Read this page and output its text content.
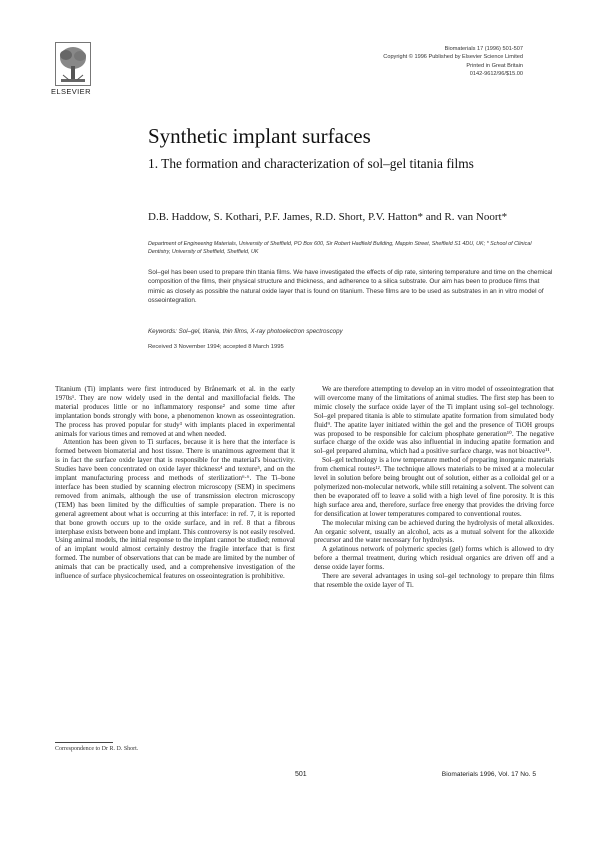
ELSEVIER
Biomaterials 17 (1996) 501-507
Copyright © 1996 Published by Elsevier Science Limited
Printed in Great Britain
0142-9612/96/$15.00
Synthetic implant surfaces
1. The formation and characterization of sol–gel titania films
D.B. Haddow, S. Kothari, P.F. James, R.D. Short, P.V. Hatton* and R. van Noort*
Department of Engineering Materials, University of Sheffield, PO Box 600, Sir Robert Hadfield Building, Mappin Street, Sheffield S1 4DU, UK; * School of Clinical Dentistry, University of Sheffield, Sheffield, UK
Sol–gel has been used to prepare thin titania films. We have investigated the effects of dip rate, sintering temperature and time on the chemical composition of the films, their physical structure and thickness, and adherence to a silica substrate. Our aim has been to produce films that mimic as closely as possible the natural oxide layer that is found on titanium. These films are to be used as substrates in an in vitro model of osseointegration.
Keywords: Sol–gel, titania, thin films, X-ray photoelectron spectroscopy
Received 3 November 1994; accepted 8 March 1995

Titanium (Ti) implants were first introduced by Brånemark et al. in the early 1970s¹. They are now widely used in the dental and maxillofacial fields. The material produces little or no inflammatory response² and some time after implantation bonds strongly with bone, a phenomenon known as osseointegration. The process has proved popular for study³ with implants placed in experimental animals for various times and removed at and when needed.

Attention has been given to Ti surfaces, because it is here that the interface is formed between biomaterial and host tissue. There is unanimous agreement that it is in fact the surface oxide layer that is responsible for the material's bioactivity. Studies have been concentrated on oxide layer thickness⁴ and texture⁵, and on the implant manufacturing process and methods of sterilization⁶·⁶. The Ti–bone interface has been studied by scanning electron microscopy (SEM) in specimens removed from animals, although the use of transmission electron microscopy (TEM) has been limited by the difficulties of sample preparation. There is no general agreement about what is occurring at this interface: in ref. 7, it is reported that bone growth occurs up to the oxide surface, and in ref. 8 that a fibrous interphase exists between bone and implant. This controversy is not easily resolved. Using animal models, the initial response to the implant cannot be studied; removal of an implant would almost certainly destroy the fragile interface that is first formed. The number of observations that can be made are limited by the number of animals that can be practically used, and a comprehensive investigation of the influence of surface physicochemical features on osseointegration is prohibitive.

We are therefore attempting to develop an in vitro model of osseointegration that will overcome many of the limitations of animal studies. The first step has been to mimic closely the surface oxide layer of the Ti implant using sol–gel technology. Sol–gel prepared titania is able to stimulate apatite formation from simulated body fluid⁹. The apatite layer initiated within the gel and the presence of TiOH groups was proposed to be responsible for calcium phosphate generation¹⁰. The negative surface charge of the oxide was also influential in inducing apatite formation and sol–gel prepared alumina, which had a positive surface charge, was not bioactive¹¹.

Sol–gel technology is a low temperature method of preparing inorganic materials from chemical routes¹². The technique allows materials to be mixed at a molecular level in solution before being brought out of solution, either as a colloidal gel or a polymerized non-molecular network, while still retaining a solvent. The solvent can then be evaporated off to leave a solid with a high level of fine porosity. It is this high surface area and, therefore, surface free energy that provides the driving force for densification at lower temperatures compared to conventional routes.

The molecular mixing can be achieved during the hydrolysis of metal alkoxides. An organic solvent, usually an alcohol, acts as a mutual solvent for the alkoxide precursor and the water necessary for hydrolysis.

A gelatinous network of polymeric species (gel) forms which is allowed to dry before a thermal treatment, during which residual organics are driven off and a dense oxide layer forms.

There are several advantages in using sol–gel technology to prepare thin films that resemble the oxide layer of Ti.

Correspondence to Dr R. D. Short.
501	Biomaterials 1996, Vol. 17 No. 5
